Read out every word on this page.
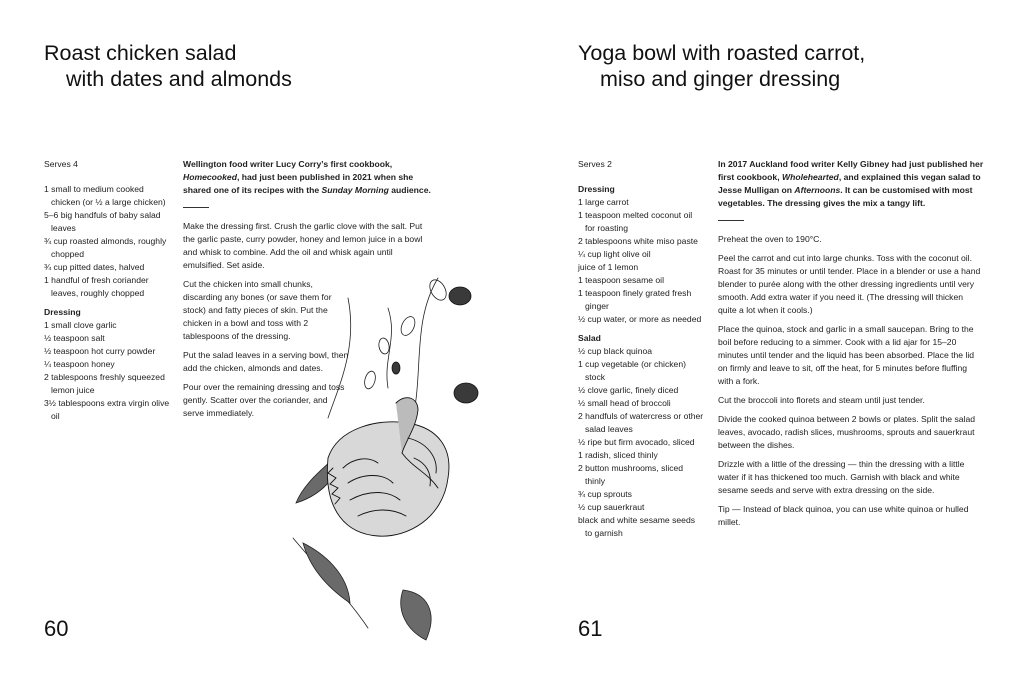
Roast chicken salad
with dates and almonds
Serves 4
1 small to medium cooked chicken (or ½ a large chicken)
5–6 big handfuls of baby salad leaves
¾ cup roasted almonds, roughly chopped
¾ cup pitted dates, halved
1 handful of fresh coriander leaves, roughly chopped
Dressing
1 small clove garlic
½ teaspoon salt
½ teaspoon hot curry powder
¼ teaspoon honey
2 tablespoons freshly squeezed lemon juice
3½ tablespoons extra virgin olive oil

Wellington food writer Lucy Corry’s first cookbook, Homecooked, had just been published in 2021 when she shared one of its recipes with the Sunday Morning audience.

Make the dressing first. Crush the garlic clove with the salt. Put the garlic paste, curry powder, honey and lemon juice in a bowl and whisk to combine. Add the oil and whisk again until emulsified. Set aside.

Cut the chicken into small chunks, discarding any bones (or save them for stock) and fatty pieces of skin. Put the chicken in a bowl and toss with 2 tablespoons of the dressing.

Put the salad leaves in a serving bowl, then add the chicken, almonds and dates.

Pour over the remaining dressing and toss gently. Scatter over the coriander, and serve immediately.

60
Yoga bowl with roasted carrot,
miso and ginger dressing
Serves 2
Dressing
1 large carrot
1 teaspoon melted coconut oil for roasting
2 tablespoons white miso paste
¼ cup light olive oil
juice of 1 lemon
1 teaspoon sesame oil
1 teaspoon finely grated fresh ginger
½ cup water, or more as needed
Salad
½ cup black quinoa
1 cup vegetable (or chicken) stock
½ clove garlic, finely diced
½ small head of broccoli
2 handfuls of watercress or other salad leaves
½ ripe but firm avocado, sliced
1 radish, sliced thinly
2 button mushrooms, sliced thinly
¾ cup sprouts
½ cup sauerkraut
black and white sesame seeds to garnish

In 2017 Auckland food writer Kelly Gibney had just published her first cookbook, Wholehearted, and explained this vegan salad to Jesse Mulligan on Afternoons. It can be customised with most vegetables. The dressing gives the mix a tangy lift.

Preheat the oven to 190°C.

Peel the carrot and cut into large chunks. Toss with the coconut oil. Roast for 35 minutes or until tender. Place in a blender or use a hand blender to purée along with the other dressing ingredients until very smooth. Add extra water if you need it. (The dressing will thicken quite a lot when it cools.)

Place the quinoa, stock and garlic in a small saucepan. Bring to the boil before reducing to a simmer. Cook with a lid ajar for 15–20 minutes until tender and the liquid has been absorbed. Place the lid on firmly and leave to sit, off the heat, for 5 minutes before fluffing with a fork.

Cut the broccoli into florets and steam until just tender.

Divide the cooked quinoa between 2 bowls or plates. Split the salad leaves, avocado, radish slices, mushrooms, sprouts and sauerkraut between the dishes.

Drizzle with a little of the dressing — thin the dressing with a little water if it has thickened too much. Garnish with black and white sesame seeds and serve with extra dressing on the side.

Tip — Instead of black quinoa, you can use white quinoa or hulled millet.

61
